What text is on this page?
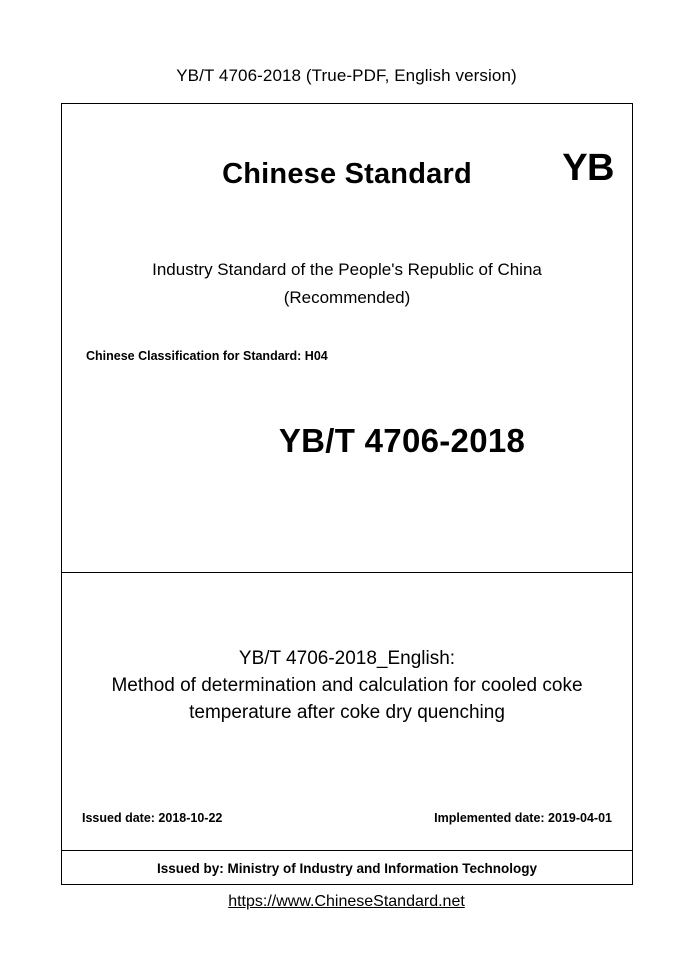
YB/T 4706-2018 (True-PDF, English version)
Chinese Standard	YB
Industry Standard of the People's Republic of China
(Recommended)
Chinese Classification for Standard: H04
YB/T 4706-2018
YB/T 4706-2018_English:
Method of determination and calculation for cooled coke
temperature after coke dry quenching
Issued date: 2018-10-22	Implemented date: 2019-04-01
Issued by: Ministry of Industry and Information Technology
https://www.ChineseStandard.net
